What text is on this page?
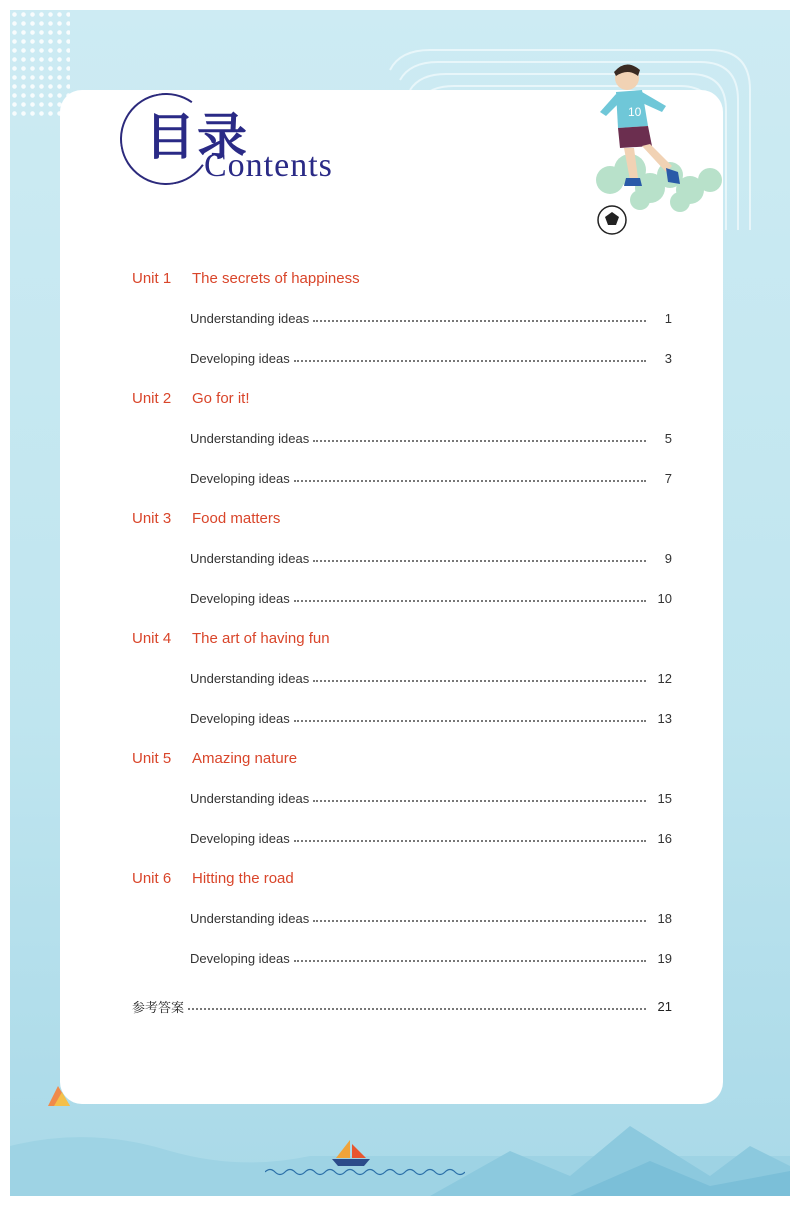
目录
Contents
10
Unit 1	The secrets of happiness
Understanding ideas	1
Developing ideas	3
Unit 2	Go for it!
Understanding ideas	5
Developing ideas	7
Unit 3	Food matters
Understanding ideas	9
Developing ideas	10
Unit 4	The art of having fun
Understanding ideas	12
Developing ideas	13
Unit 5	Amazing nature
Understanding ideas	15
Developing ideas	16
Unit 6	Hitting the road
Understanding ideas	18
Developing ideas	19
参考答案	21
